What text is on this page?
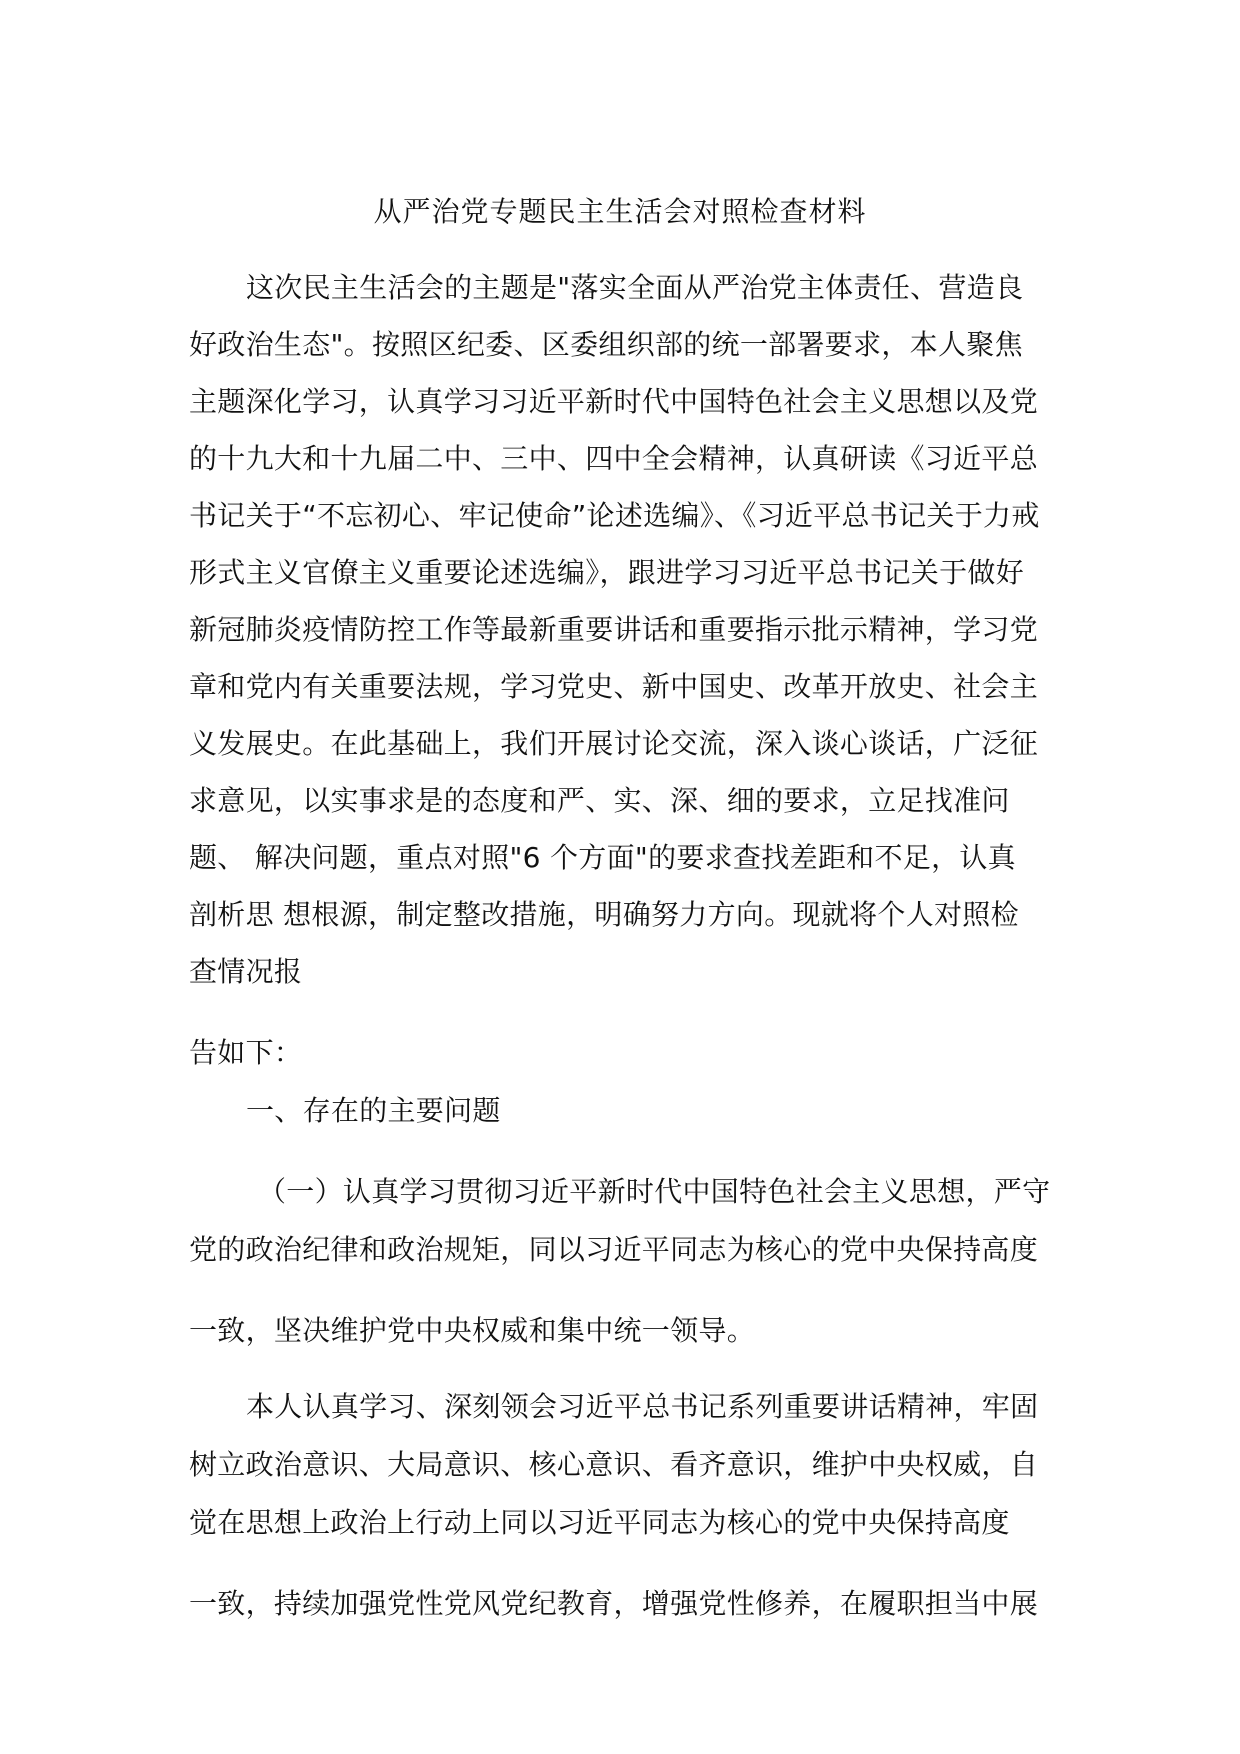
从严治党专题民主生活会对照检查材料
这次民主生活会的主题是"落实全面从严治党主体责任、营造良
好政治生态"。按照区纪委、区委组织部的统一部署要求，本人聚焦
主题深化学习，认真学习习近平新时代中国特色社会主义思想以及党
的十九大和十九届二中、三中、四中全会精神，认真研读《习近平总
书记关于“不忘初心、牢记使命”论述选编》、《习近平总书记关于力戒
形式主义官僚主义重要论述选编》，跟进学习习近平总书记关于做好
新冠肺炎疫情防控工作等最新重要讲话和重要指示批示精神，学习党
章和党内有关重要法规，学习党史、新中国史、改革开放史、社会主
义发展史。在此基础上，我们开展讨论交流，深入谈心谈话，广泛征
求意见，以实事求是的态度和严、实、深、细的要求，立足找准问
题、 解决问题，重点对照"6 个方面"的要求查找差距和不足，认真
剖析思 想根源，制定整改措施，明确努力方向。现就将个人对照检
查情况报
告如下：
一、存在的主要问题
（一）认真学习贯彻习近平新时代中国特色社会主义思想，严守
党的政治纪律和政治规矩，同以习近平同志为核心的党中央保持高度
一致，坚决维护党中央权威和集中统一领导。
本人认真学习、深刻领会习近平总书记系列重要讲话精神，牢固
树立政治意识、大局意识、核心意识、看齐意识，维护中央权威，自
觉在思想上政治上行动上同以习近平同志为核心的党中央保持高度
一致，持续加强党性党风党纪教育，增强党性修养，在履职担当中展
